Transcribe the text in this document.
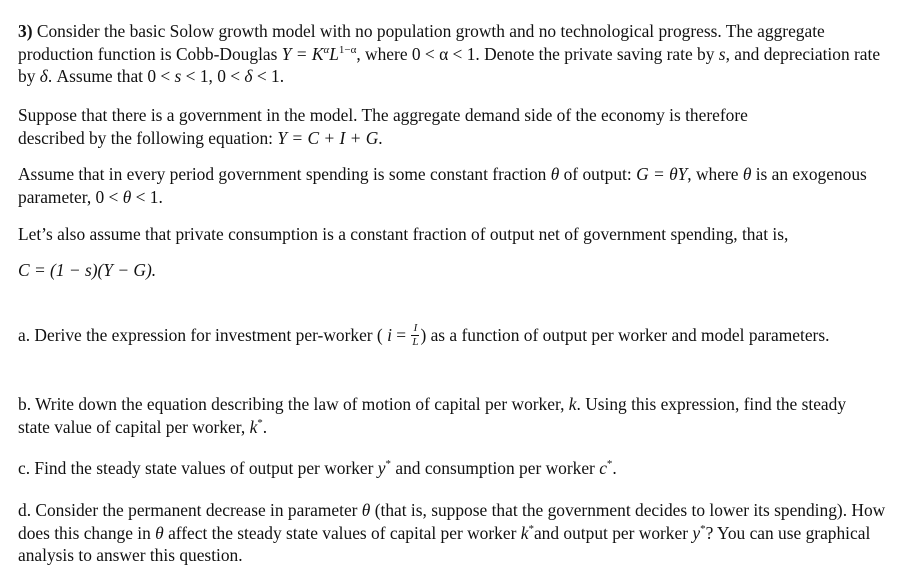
3) Consider the basic Solow growth model with no population growth and no technological progress. The aggregate production function is Cobb-Douglas $Y = K^\alpha L^{1-\alpha}$, where 0 < α < 1. Denote the private saving rate by s, and depreciation rate by δ. Assume that 0 < s < 1, 0 < δ < 1.

Suppose that there is a government in the model. The aggregate demand side of the economy is therefore described by the following equation: Y = C + I + G.

Assume that in every period government spending is some constant fraction θ of output: G = θY, where θ is an exogenous parameter, 0 < θ < 1.

Let’s also assume that private consumption is a constant fraction of output net of government spending, that is,

C = (1 − s)(Y − G).

a. Derive the expression for investment per-worker ( $i = \frac{I}{L}$ ) as a function of output per worker and model parameters.

b. Write down the equation describing the law of motion of capital per worker, k. Using this expression, find the steady state value of capital per worker, k*.

c. Find the steady state values of output per worker y* and consumption per worker c*.

d. Consider the permanent decrease in parameter θ (that is, suppose that the government decides to lower its spending). How does this change in θ affect the steady state values of capital per worker k*and output per worker y*? You can use graphical analysis to answer this question.
